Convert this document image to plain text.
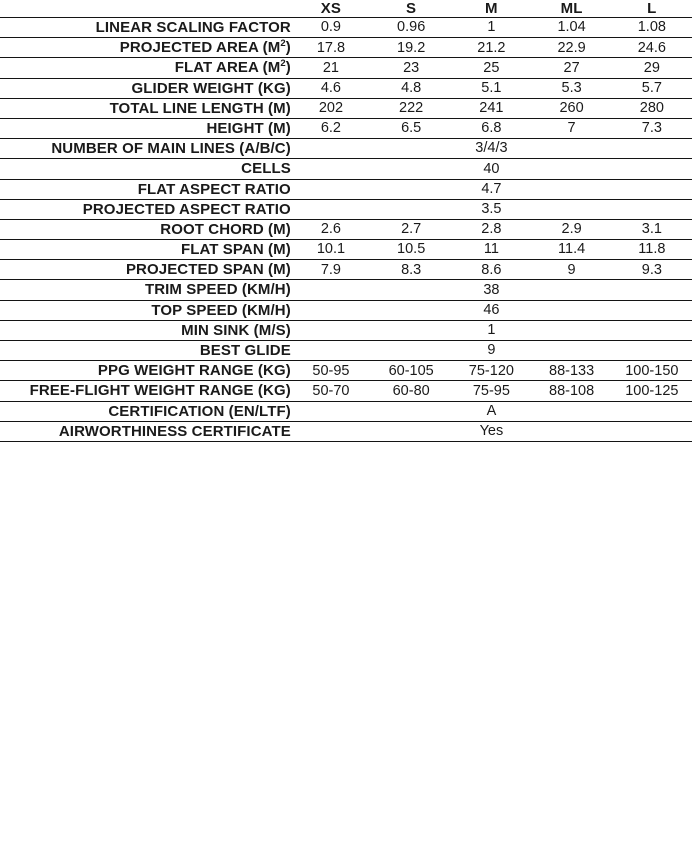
	XS	S	M	ML	L
LINEAR SCALING FACTOR	0.9	0.96	1	1.04	1.08
PROJECTED AREA $(M^2)$	17.8	19.2	21.2	22.9	24.6
FLAT AREA $(M^2)$	21	23	25	27	29
GLIDER WEIGHT (KG)	4.6	4.8	5.1	5.3	5.7
TOTAL LINE LENGTH (M)	202	222	241	260	280
HEIGHT (M)	6.2	6.5	6.8	7	7.3
NUMBER OF MAIN LINES (A/B/C)	3/4/3				
CELLS	40				
FLAT ASPECT RATIO	4.7				
PROJECTED ASPECT RATIO	3.5				
ROOT CHORD (M)	2.6	2.7	2.8	2.9	3.1
FLAT SPAN (M)	10.1	10.5	11	11.4	11.8
PROJECTED SPAN (M)	7.9	8.3	8.6	9	9.3
TRIM SPEED (KM/H)	38				
TOP SPEED (KM/H)	46				
MIN SINK (M/S)	1				
BEST GLIDE	9				
PPG WEIGHT RANGE (KG)	50-95	60-105	75-120	88-133	100-150
FREE-FLIGHT WEIGHT RANGE (KG)	50-70	60-80	75-95	88-108	100-125
CERTIFICATION (EN/LTF)	A				
AIRWORTHINESS CERTIFICATE	Yes				
